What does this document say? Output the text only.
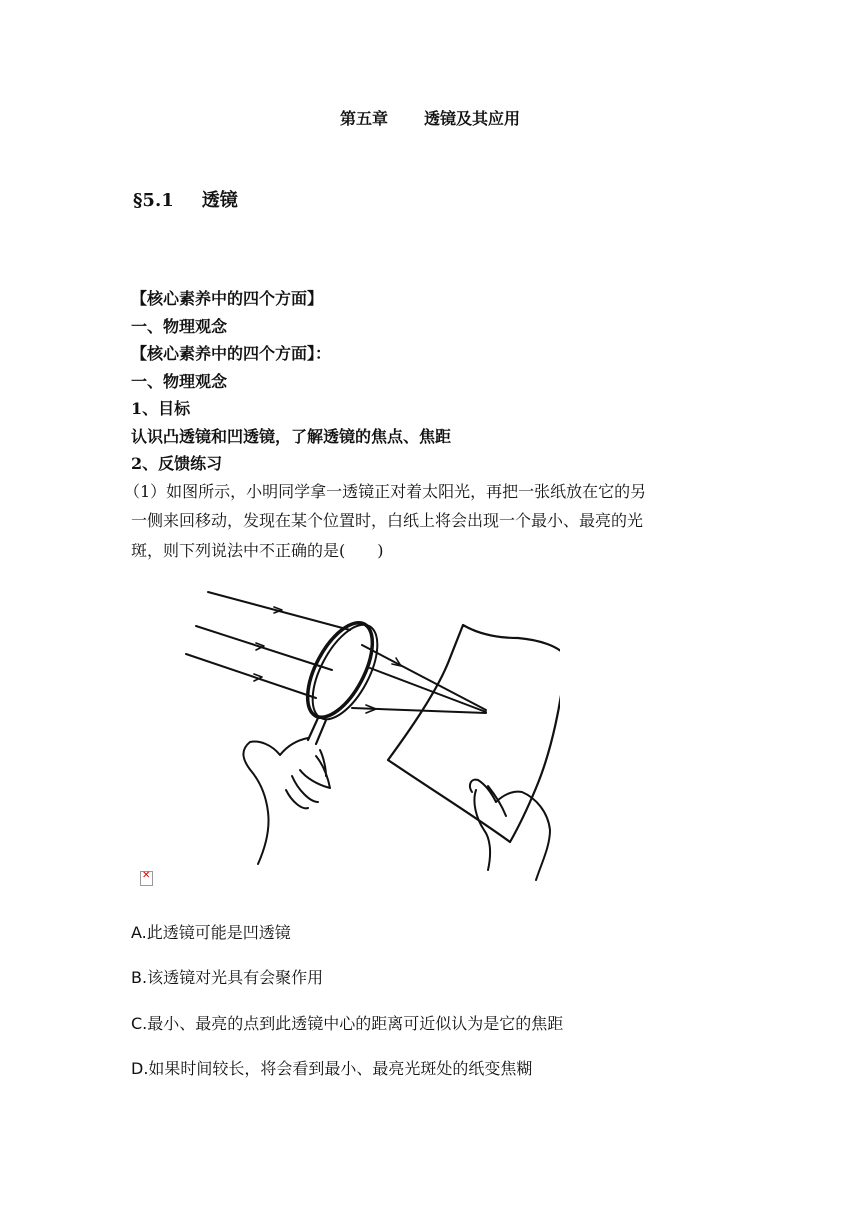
第五章 透镜及其应用
§5.1 透镜
【核心素养中的四个方面】
一、物理观念
【核心素养中的四个方面】：
一、物理观念
1、目标
认识凸透镜和凹透镜，了解透镜的焦点、焦距
2、反馈练习
（1）如图所示，小明同学拿一透镜正对着太阳光，再把一张纸放在它的另
一侧来回移动，发现在某个位置时，白纸上将会出现一个最小、最亮的光
斑，则下列说法中不正确的是(　　)
✕
A.此透镜可能是凹透镜
B.该透镜对光具有会聚作用
C.最小、最亮的点到此透镜中心的距离可近似认为是它的焦距
D.如果时间较长，将会看到最小、最亮光斑处的纸变焦糊
